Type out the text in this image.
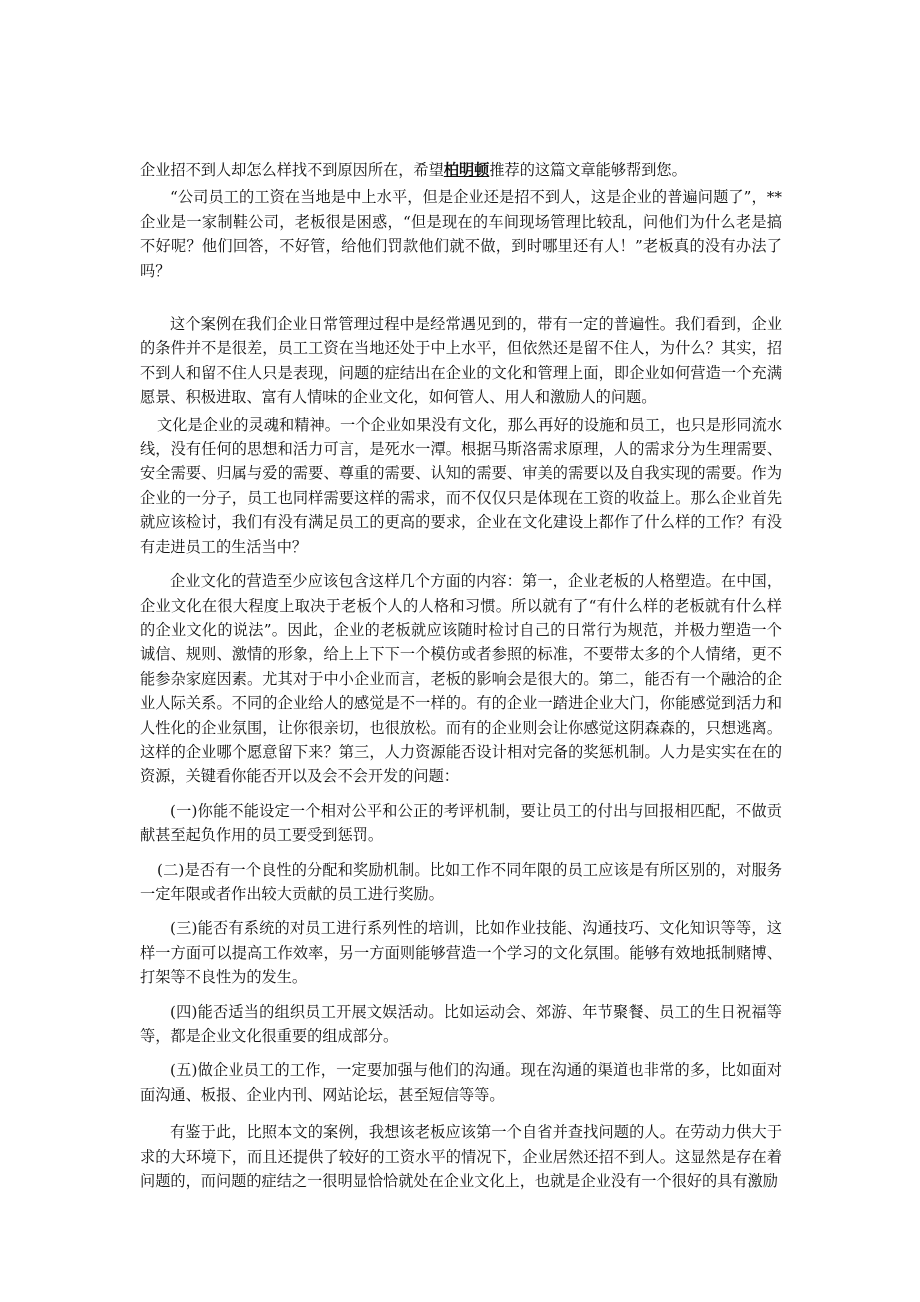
企业招不到人却怎么样找不到原因所在，希望柏明顿推荐的这篇文章能够帮到您。

“公司员工的工资在当地是中上水平，但是企业还是招不到人，这是企业的普遍问题了”，**企业是一家制鞋公司，老板很是困惑，“但是现在的车间现场管理比较乱，问他们为什么老是搞不好呢？他们回答，不好管，给他们罚款他们就不做，到时哪里还有人！”老板真的没有办法了吗？

这个案例在我们企业日常管理过程中是经常遇见到的，带有一定的普遍性。我们看到，企业的条件并不是很差，员工工资在当地还处于中上水平，但依然还是留不住人，为什么？其实，招不到人和留不住人只是表现，问题的症结出在企业的文化和管理上面，即企业如何营造一个充满愿景、积极进取、富有人情味的企业文化，如何管人、用人和激励人的问题。

文化是企业的灵魂和精神。一个企业如果没有文化，那么再好的设施和员工，也只是形同流水线，没有任何的思想和活力可言，是死水一潭。根据马斯洛需求原理，人的需求分为生理需要、安全需要、归属与爱的需要、尊重的需要、认知的需要、审美的需要以及自我实现的需要。作为企业的一分子，员工也同样需要这样的需求，而不仅仅只是体现在工资的收益上。那么企业首先就应该检讨，我们有没有满足员工的更高的要求，企业在文化建设上都作了什么样的工作？有没有走进员工的生活当中？

企业文化的营造至少应该包含这样几个方面的内容：第一，企业老板的人格塑造。在中国，企业文化在很大程度上取决于老板个人的人格和习惯。所以就有了“有什么样的老板就有什么样的企业文化的说法”。因此，企业的老板就应该随时检讨自己的日常行为规范，并极力塑造一个诚信、规则、激情的形象，给上上下下一个模仿或者参照的标准，不要带太多的个人情绪，更不能参杂家庭因素。尤其对于中小企业而言，老板的影响会是很大的。第二，能否有一个融洽的企业人际关系。不同的企业给人的感觉是不一样的。有的企业一踏进企业大门，你能感觉到活力和人性化的企业氛围，让你很亲切，也很放松。而有的企业则会让你感觉这阴森森的，只想逃离。这样的企业哪个愿意留下来？第三，人力资源能否设计相对完备的奖惩机制。人力是实实在在的资源，关键看你能否开以及会不会开发的问题：

(一)你能不能设定一个相对公平和公正的考评机制，要让员工的付出与回报相匹配，不做贡献甚至起负作用的员工要受到惩罚。

(二)是否有一个良性的分配和奖励机制。比如工作不同年限的员工应该是有所区别的，对服务一定年限或者作出较大贡献的员工进行奖励。

(三)能否有系统的对员工进行系列性的培训，比如作业技能、沟通技巧、文化知识等等，这样一方面可以提高工作效率，另一方面则能够营造一个学习的文化氛围。能够有效地抵制赌博、打架等不良性为的发生。

(四)能否适当的组织员工开展文娱活动。比如运动会、郊游、年节聚餐、员工的生日祝福等等，都是企业文化很重要的组成部分。

(五)做企业员工的工作，一定要加强与他们的沟通。现在沟通的渠道也非常的多，比如面对面沟通、板报、企业内刊、网站论坛，甚至短信等等。

有鉴于此，比照本文的案例，我想该老板应该第一个自省并查找问题的人。在劳动力供大于求的大环境下，而且还提供了较好的工资水平的情况下，企业居然还招不到人。这显然是存在着问题的，而问题的症结之一很明显恰恰就处在企业文化上，也就是企业没有一个很好的具有激励
